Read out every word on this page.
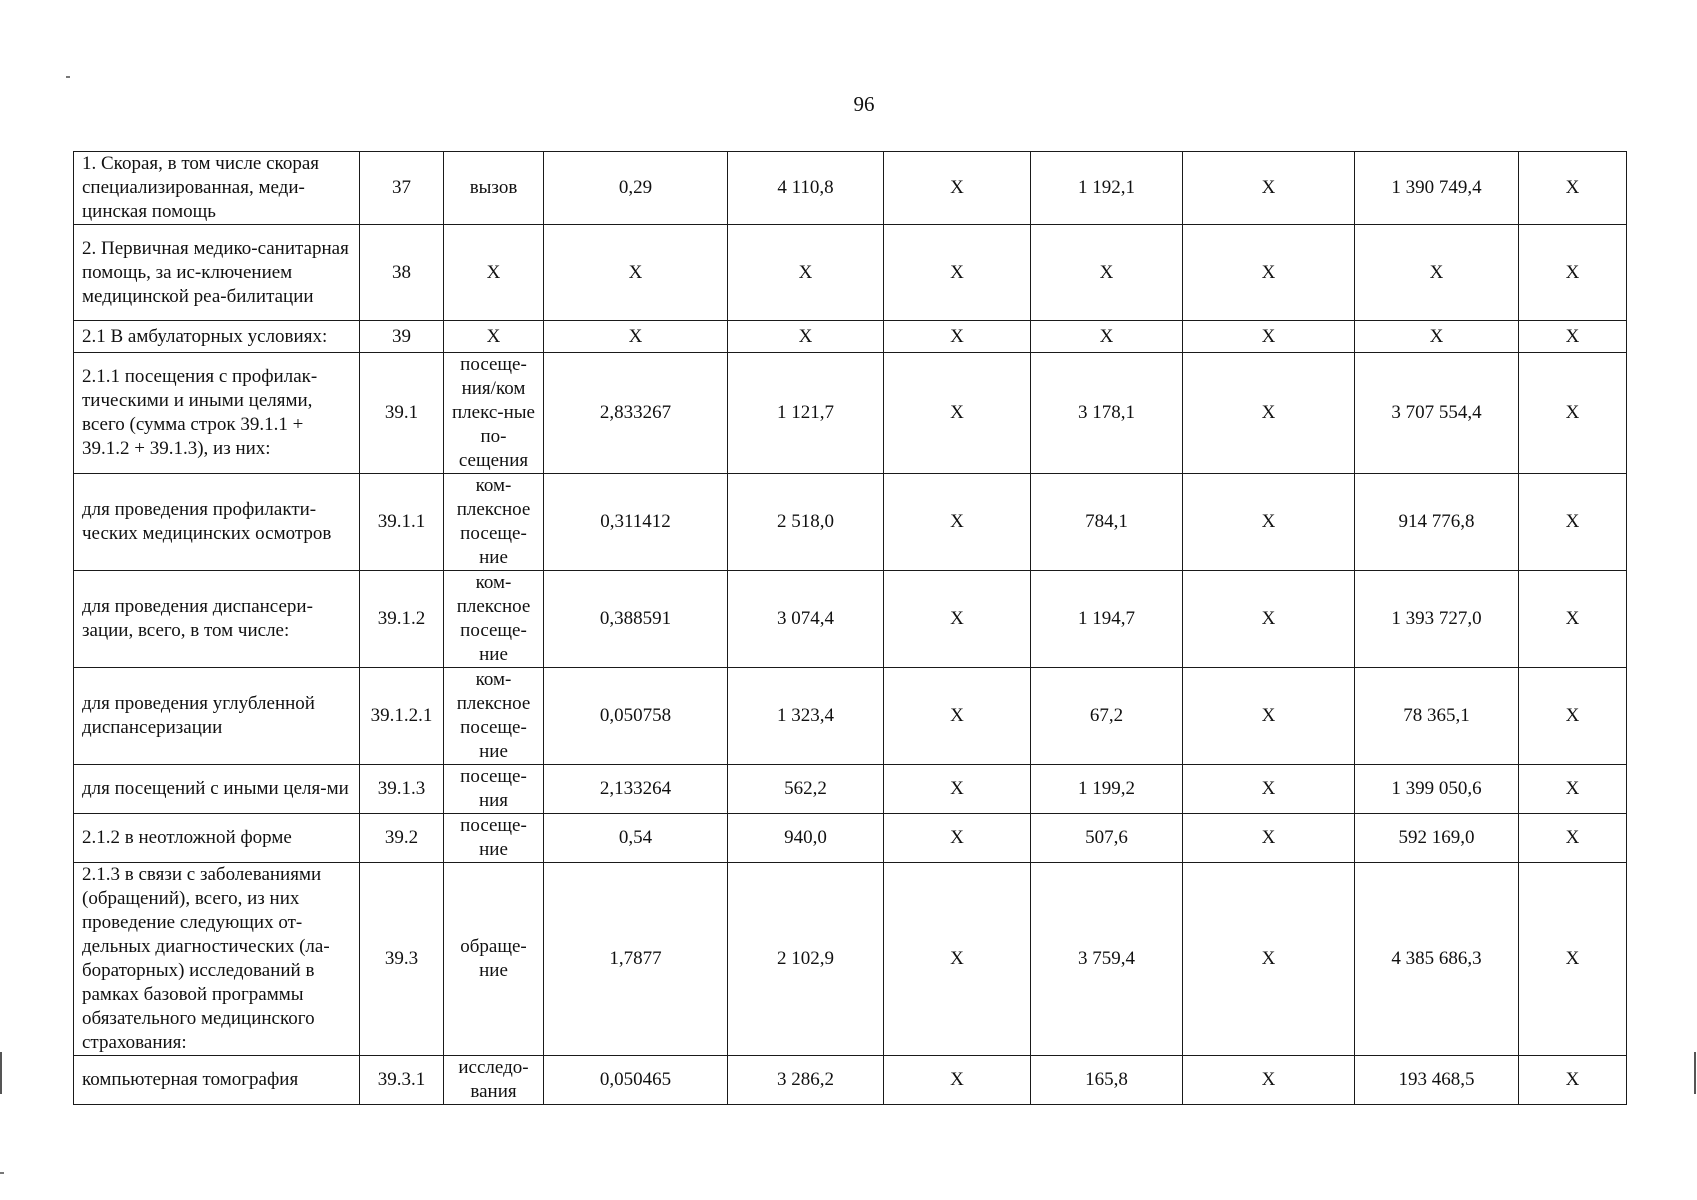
96
1. Скорая, в том числе скорая специализированная, меди-цинская помощь	37	вызов	0,29	4 110,8	X	1 192,1	X	1 390 749,4	X
2. Первичная медико-санитарная помощь, за ис-ключением медицинской реа-билитации	38	X	X	X	X	X	X	X	X
2.1 В амбулаторных условиях:	39	X	X	X	X	X	X	X	X
2.1.1 посещения с профилак-тическими и иными целями, всего (сумма строк 39.1.1 + 39.1.2 + 39.1.3), из них:	39.1	посеще-ния/ком плекс-ные по-сещения	2,833267	1 121,7	X	3 178,1	X	3 707 554,4	X
для проведения профилакти-ческих медицинских осмотров	39.1.1	ком-плексное посеще-ние	0,311412	2 518,0	X	784,1	X	914 776,8	X
для проведения диспансери-зации, всего, в том числе:	39.1.2	ком-плексное посеще-ние	0,388591	3 074,4	X	1 194,7	X	1 393 727,0	X
для проведения углубленной диспансеризации	39.1.2.1	ком-плексное посеще-ние	0,050758	1 323,4	X	67,2	X	78 365,1	X
для посещений с иными целя-ми	39.1.3	посеще-ния	2,133264	562,2	X	1 199,2	X	1 399 050,6	X
2.1.2 в неотложной форме	39.2	посеще-ние	0,54	940,0	X	507,6	X	592 169,0	X
2.1.3 в связи с заболеваниями (обращений), всего, из них проведение следующих от-дельных диагностических (ла-бораторных) исследований в рамках базовой программы обязательного медицинского страхования:	39.3	обраще-ние	1,7877	2 102,9	X	3 759,4	X	4 385 686,3	X
компьютерная томография	39.3.1	исследо-вания	0,050465	3 286,2	X	165,8	X	193 468,5	X
